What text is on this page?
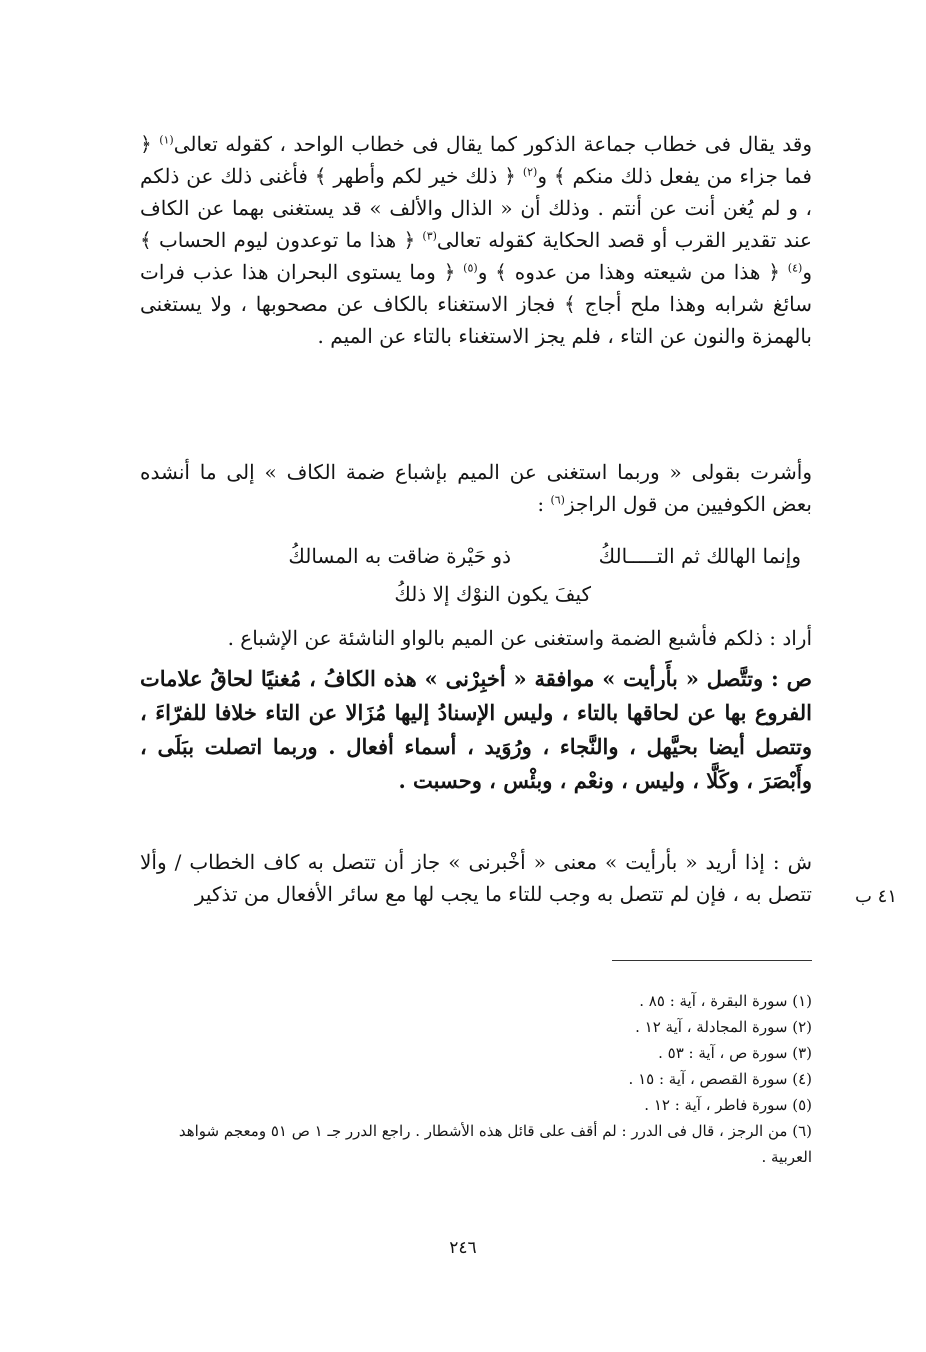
وقد يقال فى خطاب جماعة الذكور كما يقال فى خطاب الواحد ، كقوله تعالى$^{(١)}$ ﴿ فما جزاء من يفعل ذلك منكم ﴾ و$^{(٢)}$ ﴿ ذلك خير لكم وأطهر ﴾ فأغنى ذلك عن ذلكم ، و لم يُغن أنت عن أنتم . وذلك أن « الذال والألف » قد يستغنى بهما عن الكاف عند تقدير القرب أو قصد الحكاية كقوله تعالى$^{(٣)}$ ﴿ هذا ما توعدون ليوم الحساب ﴾ و$^{(٤)}$ ﴿ هذا من شيعته وهذا من عدوه ﴾ و$^{(٥)}$ ﴿ وما يستوى البحران هذا عذب فرات سائغ شرابه وهذا ملح أجاج ﴾ فجاز الاستغناء بالكاف عن مصحوبها ، ولا يستغنى بالهمزة والنون عن التاء ، فلم يجز الاستغناء بالتاء عن الميم .

وأشرت بقولى « وربما استغنى عن الميم بإشباع ضمة الكاف » إلى ما أنشده بعض الكوفيين من قول الراجز$^{(٦)}$ :

وإنما الهالك ثم التـــــالكُ
ذو حَيْرة ضاقت به المسالكُ
كيفَ يكون النوْك إلا ذلكُ

أراد : ذلكم فأشبع الضمة واستغنى عن الميم بالواو الناشئة عن الإشباع .

ص : وتتَّصل « بأَرأيت » موافقة « أخبِرْنى » هذه الكافُ ، مُغنيًا لحاقُ علامات الفروع بها عن لحاقها بالتاء ، وليس الإسنادُ إليها مُزَالا عن التاء خلافا للفرّاءَ ، وتتصل أيضا بحيَّهل ، والنَّجاء ، ورُوَيد ، أسماء أفعال . وربما اتصلت ببَلَى ، وأَبْصَرَ ، وكَلَّا ، وليس ، ونعْم ، وبئْس ، وحسبت .

ش : إذا أريد « بأرأيت » معنى « أخْبرنى » جاز أن تتصل به كاف الخطاب / وألا تتصل به ، فإن لم تتصل به وجب للتاء ما يجب لها مع سائر الأفعال من تذكير ٤١ ب
(١) سورة البقرة ، آية : ٨٥ .
(٢) سورة المجادلة ، آية ١٢ .
(٣) سورة ص ، آية : ٥٣ .
(٤) سورة القصص ، آية : ١٥ .
(٥) سورة فاطر ، آية : ١٢ .
(٦) من الرجز ، قال فى الدرر : لم أقف على قائل هذه الأشطار . راجع الدرر جـ ١ ص ٥١ ومعجم شواهد العربية .
٢٤٦
